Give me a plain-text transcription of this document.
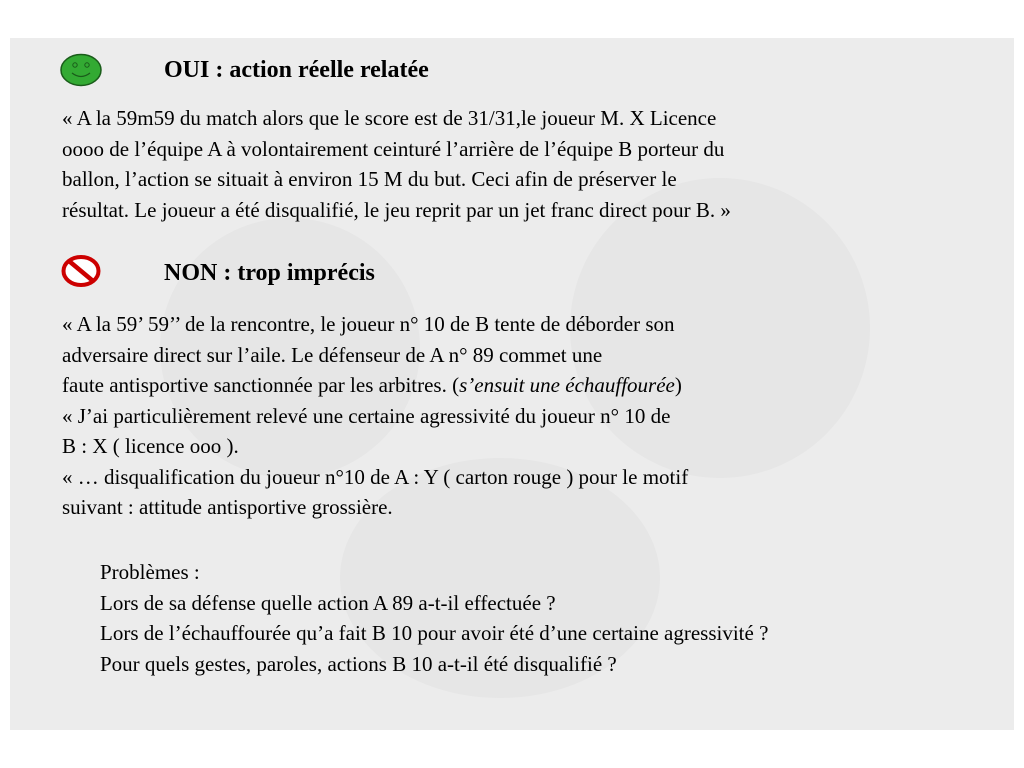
OUI : action réelle relatée
« A la 59m59 du match alors que le score est de 31/31,le joueur M. X Licence
oooo de l’équipe A à volontairement ceinturé l’arrière de l’équipe B porteur du
ballon, l’action se situait à environ 15 M du but. Ceci afin de préserver le
résultat. Le joueur a été disqualifié, le jeu reprit par un jet franc direct pour B. »
NON : trop imprécis
« A la 59’ 59’’ de la rencontre, le joueur n° 10 de B tente de déborder son
adversaire direct sur l’aile. Le défenseur de A n° 89 commet une
faute antisportive sanctionnée par les arbitres. (s’ensuit une échauffourée)
« J’ai particulièrement relevé une certaine agressivité du joueur n° 10 de
B : X ( licence ooo ).
« … disqualification du joueur n°10 de A : Y ( carton rouge ) pour le motif
suivant : attitude antisportive grossière.
Problèmes :
Lors de sa défense quelle action A 89 a-t-il effectuée ?
Lors de l’échauffourée qu’a fait B 10 pour avoir été d’une certaine agressivité ?
Pour quels gestes, paroles, actions B 10 a-t-il été disqualifié ?
